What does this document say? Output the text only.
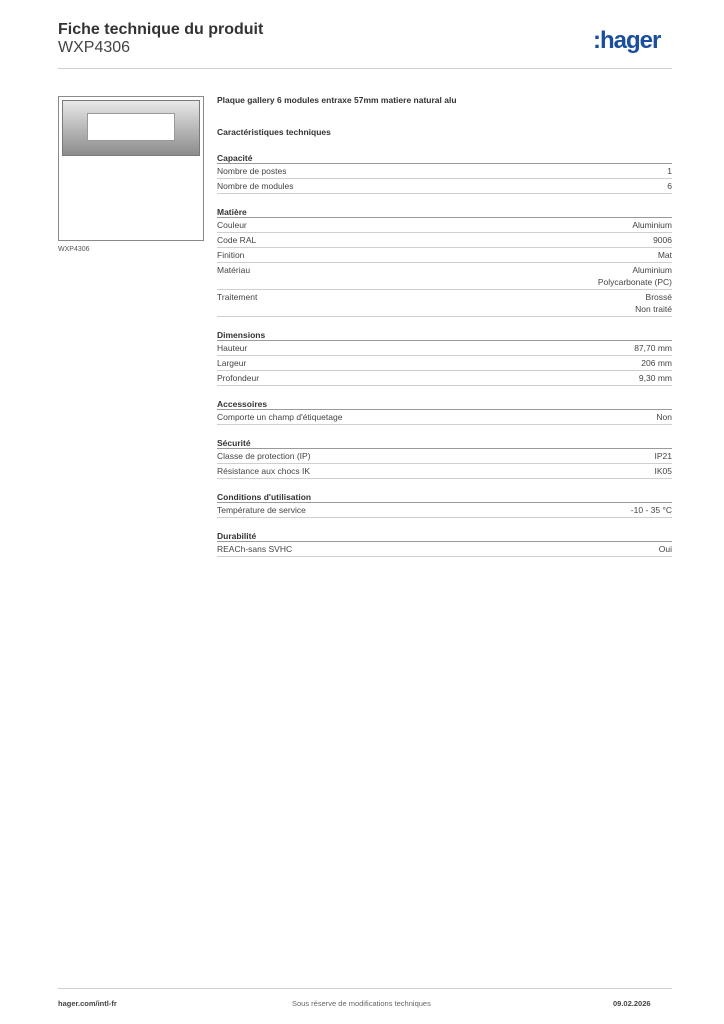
Fiche technique du produit
WXP4306	:hager
WXP4306
Plaque gallery 6 modules entraxe 57mm matiere natural alu
Caractéristiques techniques
Capacité
Nombre de postes	1
Nombre de modules	6
Matière
Couleur	Aluminium
Code RAL	9006
Finition	Mat
Matériau	Aluminium
Polycarbonate (PC)
Traitement	Brossé
Non traité
Dimensions
Hauteur	87,70 mm
Largeur	206 mm
Profondeur	9,30 mm
Accessoires
Comporte un champ d'étiquetage	Non
Sécurité
Classe de protection (IP)	IP21
Résistance aux chocs IK	IK05
Conditions d'utilisation
Température de service	-10 - 35 °C
Durabilité
REACh-sans SVHC	Oui
hager.com/intl-fr	Sous réserve de modifications techniques	09.02.2026
